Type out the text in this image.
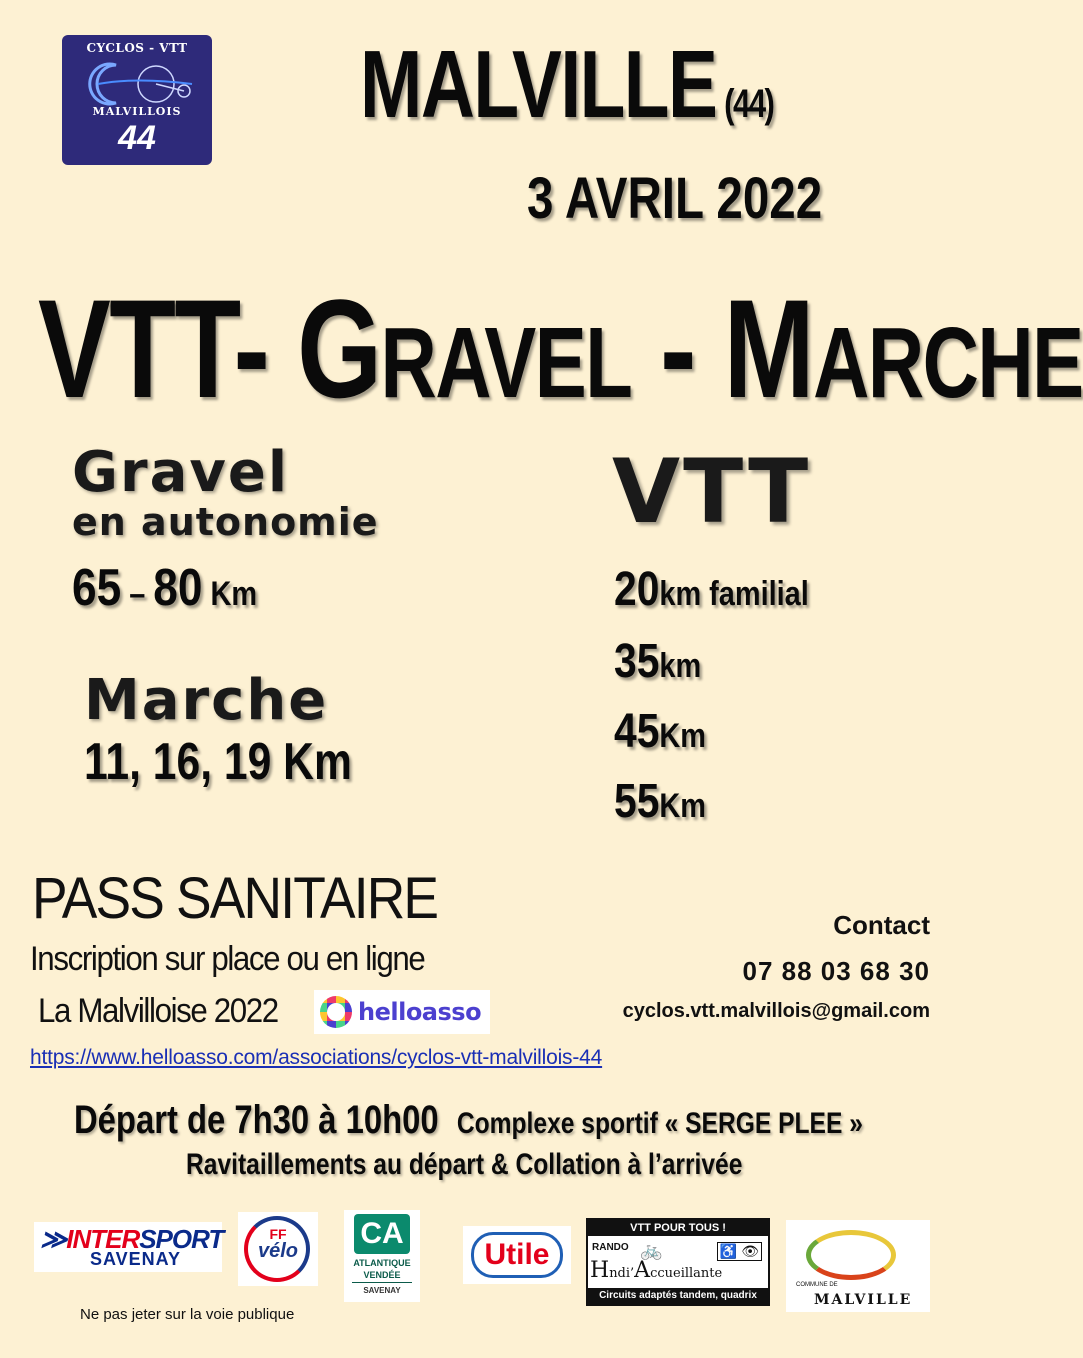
CYCLOS - VTT
MALVILLOIS
44	MALVILLE (44)
3 AVRIL 2022
VTT- GRAVEL - MARCHE
Gravel
en autonomie
65 – 80 Km
Marche
11, 16, 19 Km
VTT
20km familial
35km
45Km
55Km
PASS SANITAIRE
Inscription sur place ou en ligne
La Malvilloise 2022	helloasso
https://www.helloasso.com/associations/cyclos-vtt-malvillois-44
Contact
07 88 03 68 30
cyclos.vtt.malvillois@gmail.com
Départ de 7h30 à 10h00 Complexe sportif « SERGE PLEE »
Ravitaillements au départ & Collation à l’arrivée
≫INTERSPORT
SAVENAY
FF
vélo
CA
ATLANTIQUE
VENDÉE
SAVENAY
Utile
VTT POUR TOUS !
RANDO 🚲	♿ 👁
Hndi’Accueillante
Circuits adaptés tandem, quadrix
COMMUNE DE
MALVILLE
Ne pas jeter sur la voie publique
